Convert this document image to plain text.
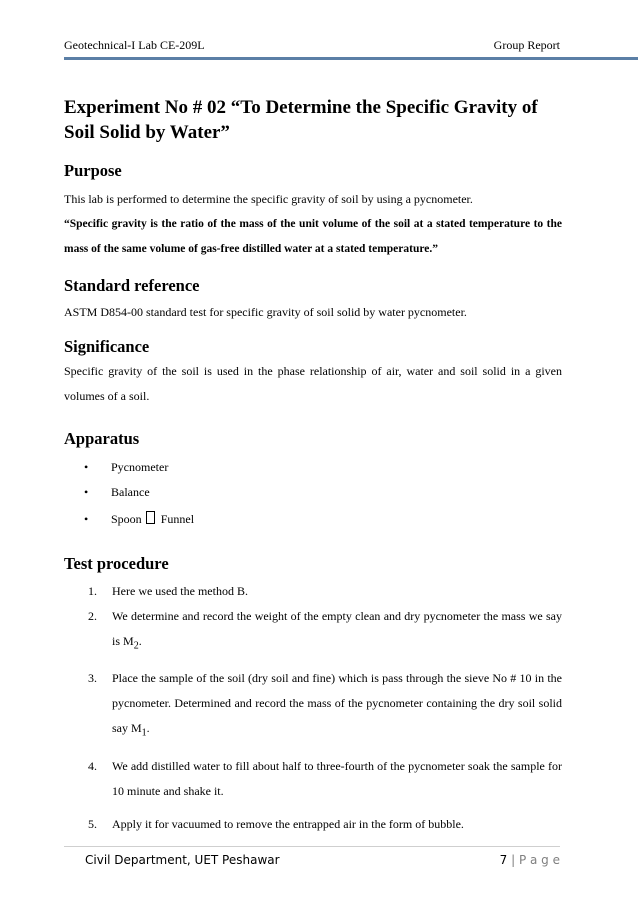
Geotechnical-I Lab CE-209L	Group Report
Experiment No # 02 “To Determine the Specific Gravity of Soil Solid by Water”
Purpose

This lab is performed to determine the specific gravity of soil by using a pycnometer.

“Specific gravity is the ratio of the mass of the unit volume of the soil at a stated temperature to the mass of the same volume of gas-free distilled water at a stated temperature.”

Standard reference

ASTM D854-00 standard test for specific gravity of soil solid by water pycnometer.

Significance

Specific gravity of the soil is used in the phase relationship of air, water and soil solid in a given volumes of a soil.

Apparatus
• Pycnometer
• Balance
• Spoon Funnel
Test procedure
1. Here we used the method B.
2. We determine and record the weight of the empty clean and dry pycnometer the mass we say is $M_2$.
3. Place the sample of the soil (dry soil and fine) which is pass through the sieve No # 10 in the pycnometer. Determined and record the mass of the pycnometer containing the dry soil solid say $M_1$.
4. We add distilled water to fill about half to three-fourth of the pycnometer soak the sample for 10 minute and shake it.
5. Apply it for vacuumed to remove the entrapped air in the form of bubble.
Civil Department, UET Peshawar	7 | P a g e
